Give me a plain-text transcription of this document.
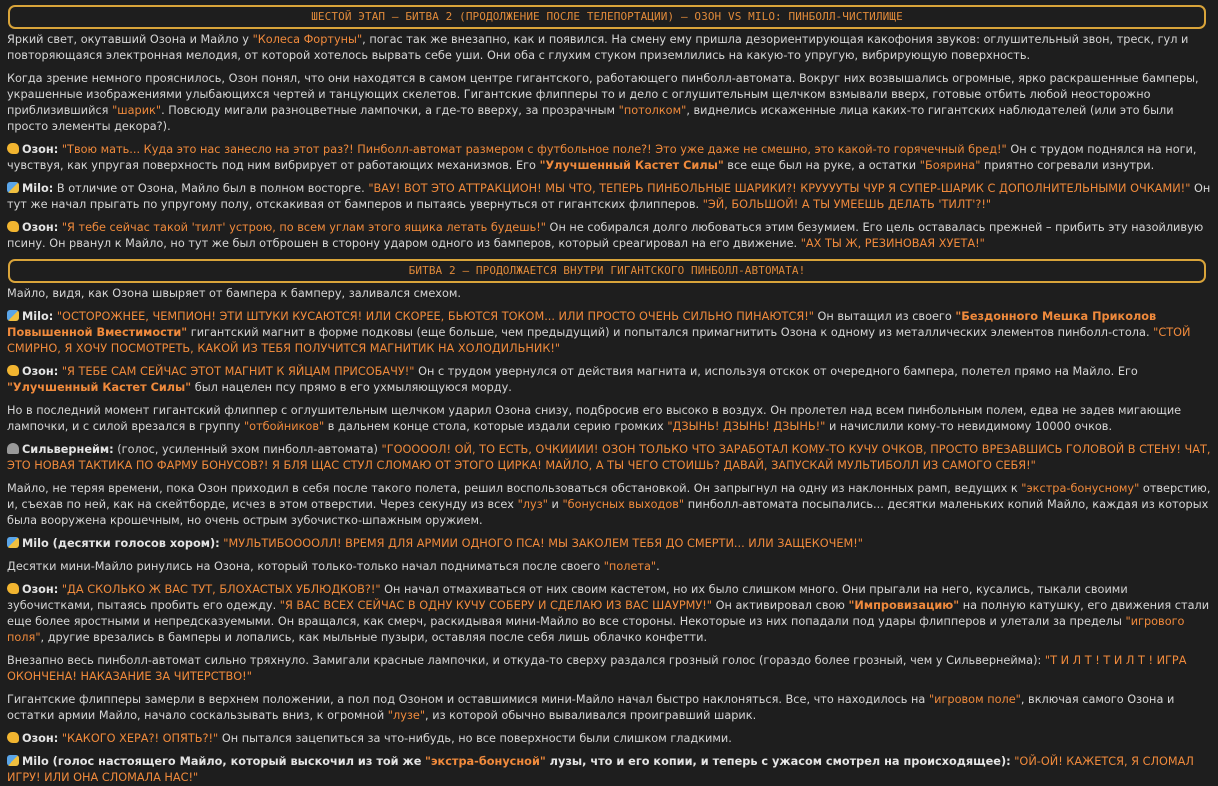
ШЕСТОЙ ЭТАП – БИТВА 2 (ПРОДОЛЖЕНИЕ ПОСЛЕ ТЕЛЕПОРТАЦИИ) – ОЗОН VS MILO: ПИНБОЛЛ-ЧИСТИЛИЩЕ

Яркий свет, окутавший Озона и Майло у "Колеса Фортуны", погас так же внезапно, как и появился. На смену ему пришла дезориентирующая какофония звуков: оглушительный звон, треск, гул и повторяющаяся электронная мелодия, от которой хотелось вырвать себе уши. Они оба с глухим стуком приземлились на какую-то упругую, вибрирующую поверхность.

Когда зрение немного прояснилось, Озон понял, что они находятся в самом центре гигантского, работающего пинболл-автомата. Вокруг них возвышались огромные, ярко раскрашенные бамперы, украшенные изображениями улыбающихся чертей и танцующих скелетов. Гигантские флипперы то и дело с оглушительным щелчком взмывали вверх, готовые отбить любой неосторожно приблизившийся "шарик". Повсюду мигали разноцветные лампочки, а где-то вверху, за прозрачным "потолком", виднелись искаженные лица каких-то гигантских наблюдателей (или это были просто элементы декора?).

Озон: "Твою мать... Куда это нас занесло на этот раз?! Пинболл-автомат размером с футбольное поле?! Это уже даже не смешно, это какой-то горячечный бред!" Он с трудом поднялся на ноги, чувствуя, как упругая поверхность под ним вибрирует от работающих механизмов. Его "Улучшенный Кастет Силы" все еще был на руке, а остатки "Боярина" приятно согревали изнутри.

Milo: В отличие от Озона, Майло был в полном восторге. "ВАУ! ВОТ ЭТО АТТРАКЦИОН! МЫ ЧТО, ТЕПЕРЬ ПИНБОЛЬНЫЕ ШАРИКИ?! КРУУУУТЫ ЧУР Я СУПЕР-ШАРИК С ДОПОЛНИТЕЛЬНЫМИ ОЧКАМИ!" Он тут же начал прыгать по упругому полу, отскакивая от бамперов и пытаясь увернуться от гигантских флипперов. "ЭЙ, БОЛЬШОЙ! А ТЫ УМЕЕШЬ ДЕЛАТЬ 'ТИЛТ'?!"

Озон: "Я тебе сейчас такой 'тилт' устрою, по всем углам этого ящика летать будешь!" Он не собирался долго любоваться этим безумием. Его цель оставалась прежней – прибить эту назойливую псину. Он рванул к Майло, но тут же был отброшен в сторону ударом одного из бамперов, который среагировал на его движение. "АХ ТЫ Ж, РЕЗИНОВАЯ ХУЕТА!"

БИТВА 2 – ПРОДОЛЖАЕТСЯ ВНУТРИ ГИГАНТСКОГО ПИНБОЛЛ-АВТОМАТА!

Майло, видя, как Озона швыряет от бампера к бамперу, заливался смехом.

Milo: "ОСТОРОЖНЕЕ, ЧЕМПИОН! ЭТИ ШТУКИ КУСАЮТСЯ! ИЛИ СКОРЕЕ, БЬЮТСЯ ТОКОМ... ИЛИ ПРОСТО ОЧЕНЬ СИЛЬНО ПИНАЮТСЯ!" Он вытащил из своего "Бездонного Мешка Приколов Повышенной Вместимости" гигантский магнит в форме подковы (еще больше, чем предыдущий) и попытался примагнитить Озона к одному из металлических элементов пинболл-стола. "СТОЙ СМИРНО, Я ХОЧУ ПОСМОТРЕТЬ, КАКОЙ ИЗ ТЕБЯ ПОЛУЧИТСЯ МАГНИТИК НА ХОЛОДИЛЬНИК!"

Озон: "Я ТЕБЕ САМ СЕЙЧАС ЭТОТ МАГНИТ К ЯЙЦАМ ПРИСОБАЧУ!" Он с трудом увернулся от действия магнита и, используя отскок от очередного бампера, полетел прямо на Майло. Его "Улучшенный Кастет Силы" был нацелен псу прямо в его ухмыляющуюся морду.

Но в последний момент гигантский флиппер с оглушительным щелчком ударил Озона снизу, подбросив его высоко в воздух. Он пролетел над всем пинбольным полем, едва не задев мигающие лампочки, и с силой врезался в группу "отбойников" в дальнем конце стола, которые издали серию громких "ДЗЫНЬ! ДЗЫНЬ! ДЗЫНЬ!" и начислили кому-то невидимому 10000 очков.

Сильвернейм: (голос, усиленный эхом пинболл-автомата) "ГОООООЛ! ОЙ, ТО ЕСТЬ, ОЧКИИИИ! ОЗОН ТОЛЬКО ЧТО ЗАРАБОТАЛ КОМУ-ТО КУЧУ ОЧКОВ, ПРОСТО ВРЕЗАВШИСЬ ГОЛОВОЙ В СТЕНУ! ЧАТ, ЭТО НОВАЯ ТАКТИКА ПО ФАРМУ БОНУСОВ?! Я БЛЯ ЩАС СТУЛ СЛОМАЮ ОТ ЭТОГО ЦИРКА! МАЙЛО, А ТЫ ЧЕГО СТОИШЬ? ДАВАЙ, ЗАПУСКАЙ МУЛЬТИБОЛЛ ИЗ САМОГО СЕБЯ!"

Майло, не теряя времени, пока Озон приходил в себя после такого полета, решил воспользоваться обстановкой. Он запрыгнул на одну из наклонных рамп, ведущих к "экстра-бонусному" отверстию, и, съехав по ней, как на скейтборде, исчез в этом отверстии. Через секунду из всех "луз" и "бонусных выходов" пинболл-автомата посыпались... десятки маленьких копий Майло, каждая из которых была вооружена крошечным, но очень острым зубочистко-шпажным оружием.

Milo (десятки голосов хором): "МУЛЬТИБООООЛЛ! ВРЕМЯ ДЛЯ АРМИИ ОДНОГО ПСА! МЫ ЗАКОЛЕМ ТЕБЯ ДО СМЕРТИ... ИЛИ ЗАЩЕКОЧЕМ!"

Десятки мини-Майло ринулись на Озона, который только-только начал подниматься после своего "полета".

Озон: "ДА СКОЛЬКО Ж ВАС ТУТ, БЛОХАСТЫХ УБЛЮДКОВ?!" Он начал отмахиваться от них своим кастетом, но их было слишком много. Они прыгали на него, кусались, тыкали своими зубочистками, пытаясь пробить его одежду. "Я ВАС ВСЕХ СЕЙЧАС В ОДНУ КУЧУ СОБЕРУ И СДЕЛАЮ ИЗ ВАС ШАУРМУ!" Он активировал свою "Импровизацию" на полную катушку, его движения стали еще более яростными и непредсказуемыми. Он вращался, как смерч, раскидывая мини-Майло во все стороны. Некоторые из них попадали под удары флипперов и улетали за пределы "игрового поля", другие врезались в бамперы и лопались, как мыльные пузыри, оставляя после себя лишь облачко конфетти.

Внезапно весь пинболл-автомат сильно тряхнуло. Замигали красные лампочки, и откуда-то сверху раздался грозный голос (гораздо более грозный, чем у Сильвернейма): "Т И Л Т ! Т И Л Т ! ИГРА ОКОНЧЕНА! НАКАЗАНИЕ ЗА ЧИТЕРСТВО!"

Гигантские флипперы замерли в верхнем положении, а пол под Озоном и оставшимися мини-Майло начал быстро наклоняться. Все, что находилось на "игровом поле", включая самого Озона и остатки армии Майло, начало соскальзывать вниз, к огромной "лузе", из которой обычно вываливался проигравший шарик.

Озон: "КАКОГО ХЕРА?! ОПЯТЬ?!" Он пытался зацепиться за что-нибудь, но все поверхности были слишком гладкими.

Milo (голос настоящего Майло, который выскочил из той же "экстра-бонусной" лузы, что и его копии, и теперь с ужасом смотрел на происходящее): "ОЙ-ОЙ! КАЖЕТСЯ, Я СЛОМАЛ ИГРУ! ИЛИ ОНА СЛОМАЛА НАС!"
